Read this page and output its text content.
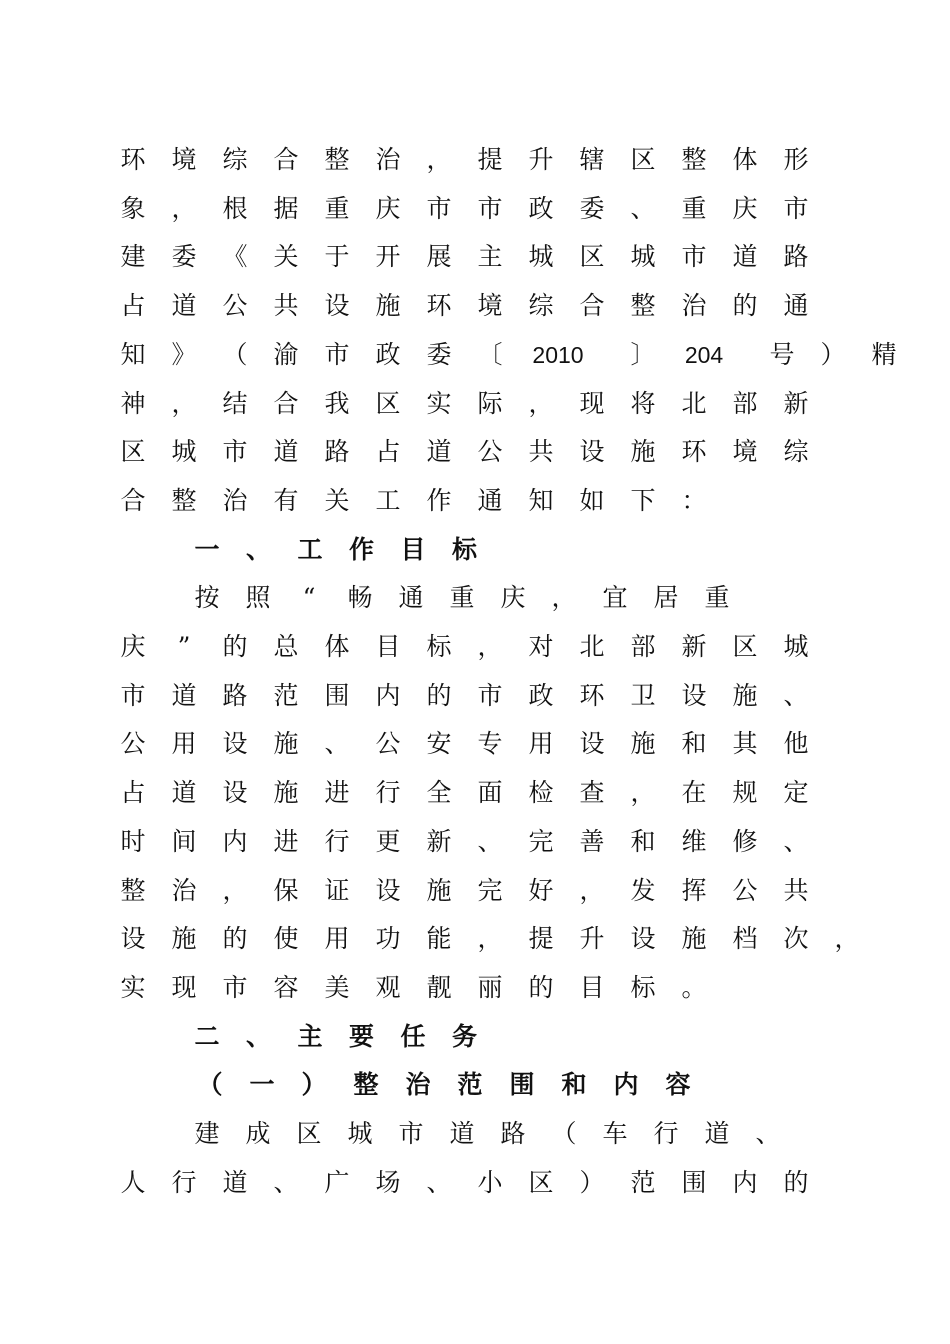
环	境	综	合	整	治	，	提	升	辖	区	整	体	形
象	，	根	据	重	庆	市	市	政	委	、	重	庆	市
建	委	《	关	于	开	展	主	城	区	城	市	道	路
占	道	公	共	设	施	环	境	综	合	整	治	的	通
知	》	（	渝	市	政	委	〔	2010 〕	204 号	）	精
神	，	结	合	我	区	实	际	，	现	将	北	部	新
区	城	市	道	路	占	道	公	共	设	施	环	境	综
合	整	治	有	关	工	作	通	知	如	下	：
一	、	工	作	目	标
按	照	“	畅	通	重	庆	，	宜	居	重
庆	”	的	总	体	目	标	，	对	北	部	新	区	城
市	道	路	范	围	内	的	市	政	环	卫	设	施	、
公	用	设	施	、	公	安	专	用	设	施	和	其	他
占	道	设	施	进	行	全	面	检	查	，	在	规	定
时	间	内	进	行	更	新	、	完	善	和	维	修	、
整	治	，	保	证	设	施	完	好	，	发	挥	公	共
设	施	的	使	用	功	能	，	提	升	设	施	档	次	，
实	现	市	容	美	观	靓	丽	的	目	标	。
二	、	主	要	任	务
（	一	）	整	治	范	围	和	内	容
建	成	区	城	市	道	路	（	车	行	道	、
人	行	道	、	广	场	、	小	区	）	范	围	内	的
